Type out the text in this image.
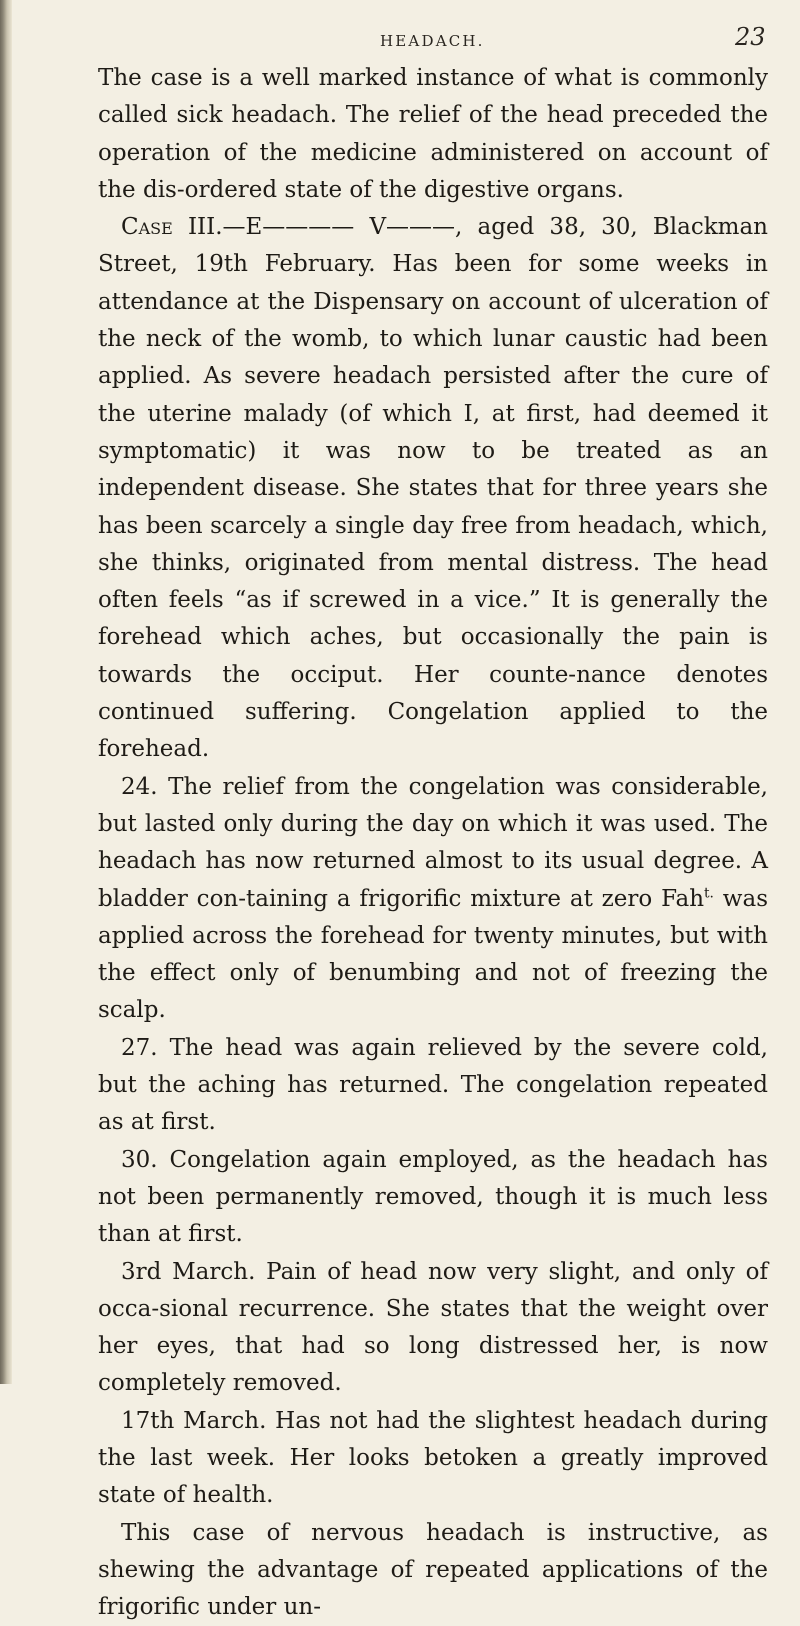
HEADACH.	23

The case is a well marked instance of what is commonly called sick headach. The relief of the head preceded the operation of the medicine administered on account of the dis-ordered state of the digestive organs.

Case III.—E———— V———, aged 38, 30, Blackman Street, 19th February. Has been for some weeks in attendance at the Dispensary on account of ulceration of the neck of the womb, to which lunar caustic had been applied. As severe headach persisted after the cure of the uterine malady (of which I, at first, had deemed it symptomatic) it was now to be treated as an independent disease. She states that for three years she has been scarcely a single day free from headach, which, she thinks, originated from mental distress. The head often feels “as if screwed in a vice.” It is generally the forehead which aches, but occasionally the pain is towards the occiput. Her counte-nance denotes continued suffering. Congelation applied to the forehead.

24. The relief from the congelation was considerable, but lasted only during the day on which it was used. The headach has now returned almost to its usual degree. A bladder con-taining a frigorific mixture at zero Fah$^{t.}$ was applied across the forehead for twenty minutes, but with the effect only of benumbing and not of freezing the scalp.

27. The head was again relieved by the severe cold, but the aching has returned. The congelation repeated as at first.

30. Congelation again employed, as the headach has not been permanently removed, though it is much less than at first.

3rd March. Pain of head now very slight, and only of occa-sional recurrence. She states that the weight over her eyes, that had so long distressed her, is now completely removed.

17th March. Has not had the slightest headach during the last week. Her looks betoken a greatly improved state of health.

This case of nervous headach is instructive, as shewing the advantage of repeated applications of the frigorific under un-
